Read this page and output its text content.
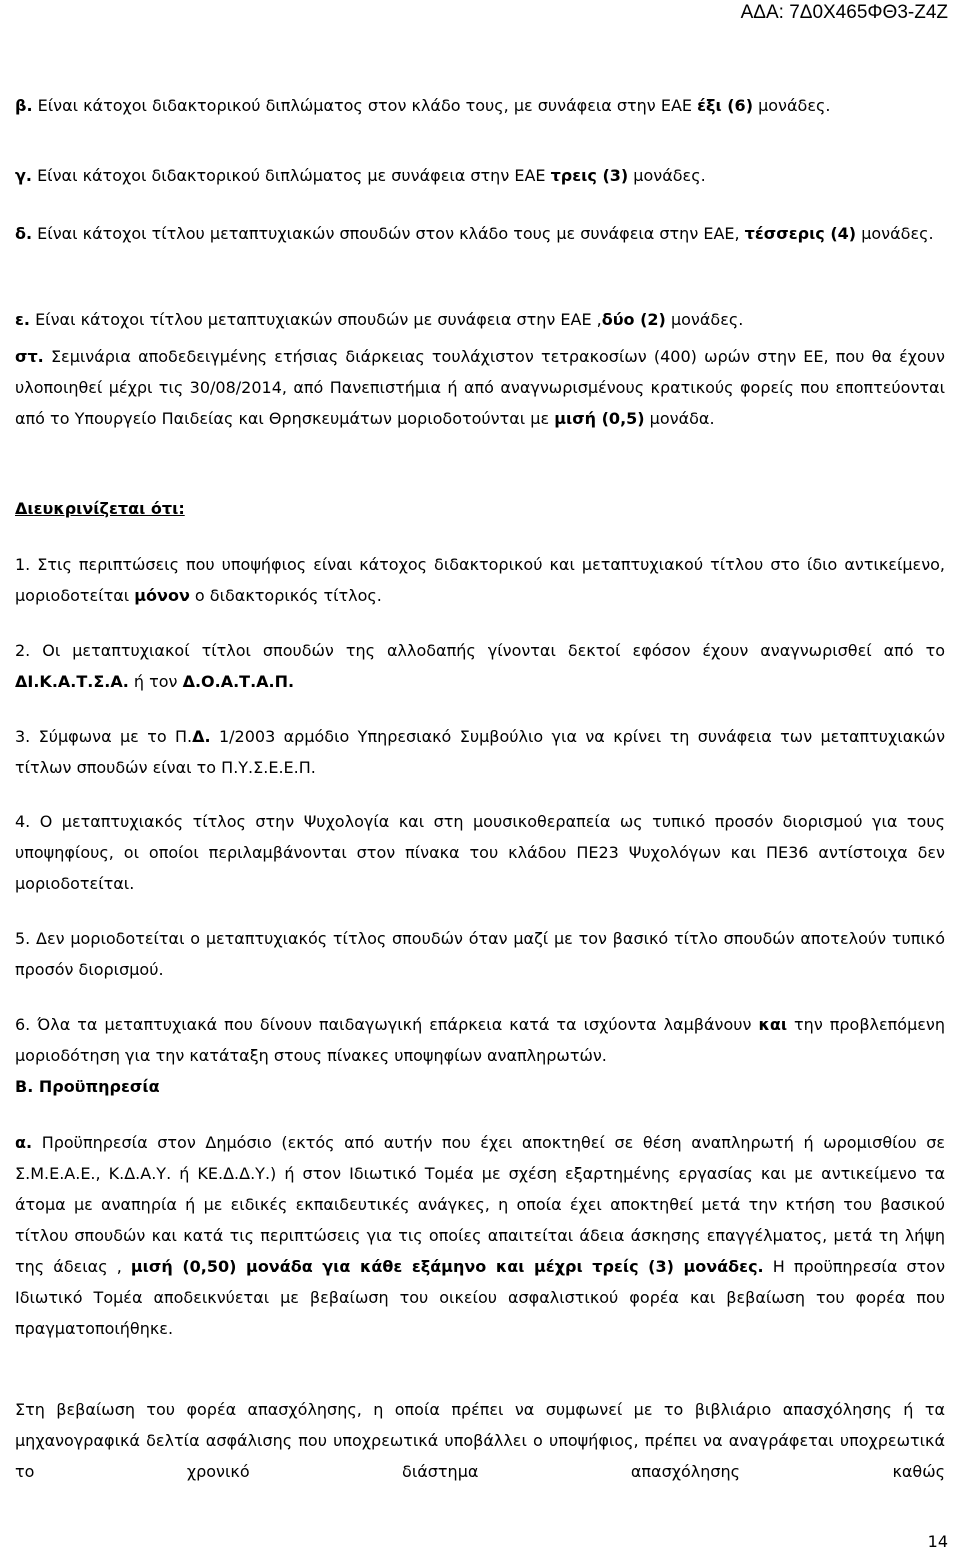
ΑΔΑ: 7Δ0Χ465ΦΘ3-Ζ4Ζ

β. Είναι κάτοχοι διδακτορικού διπλώματος στον κλάδο τους, με συνάφεια στην ΕΑΕ έξι (6) μονάδες.

γ. Είναι κάτοχοι διδακτορικού διπλώματος με συνάφεια στην ΕΑΕ τρεις (3) μονάδες.

δ. Είναι κάτοχοι τίτλου μεταπτυχιακών σπουδών στον κλάδο τους με συνάφεια στην ΕΑΕ, τέσσερις (4) μονάδες.

ε. Είναι κάτοχοι τίτλου μεταπτυχιακών σπουδών με συνάφεια στην ΕΑΕ ,δύο (2) μονάδες.

στ. Σεμινάρια αποδεδειγμένης ετήσιας διάρκειας τουλάχιστον τετρακοσίων (400) ωρών στην ΕΕ, που θα έχουν υλοποιηθεί μέχρι τις 30/08/2014, από Πανεπιστήμια ή από αναγνωρισμένους κρατικούς φορείς που εποπτεύονται από το Υπουργείο Παιδείας και Θρησκευμάτων μοριοδοτούνται με μισή (0,5) μονάδα.

Διευκρινίζεται ότι:

1. Στις περιπτώσεις που υποψήφιος είναι κάτοχος διδακτορικού και μεταπτυχιακού τίτλου στο ίδιο αντικείμενο, μοριοδοτείται μόνον ο διδακτορικός τίτλος.

2. Οι μεταπτυχιακοί τίτλοι σπουδών της αλλοδαπής γίνονται δεκτοί εφόσον έχουν αναγνωρισθεί από το ΔΙ.Κ.Α.Τ.Σ.Α. ή τον Δ.Ο.Α.Τ.Α.Π.

3. Σύμφωνα με το Π.Δ. 1/2003 αρμόδιο Υπηρεσιακό Συμβούλιο για να κρίνει τη συνάφεια των μεταπτυχιακών τίτλων σπουδών είναι το Π.Υ.Σ.Ε.Ε.Π.

4. Ο μεταπτυχιακός τίτλος στην Ψυχολογία και στη μουσικοθεραπεία ως τυπικό προσόν διορισμού για τους υποψηφίους, οι οποίοι περιλαμβάνονται στον πίνακα του κλάδου ΠΕ23 Ψυχολόγων και ΠΕ36 αντίστοιχα δεν μοριοδοτείται.

5. Δεν μοριοδοτείται ο μεταπτυχιακός τίτλος σπουδών όταν μαζί με τον βασικό τίτλο σπουδών αποτελούν τυπικό προσόν διορισμού.

6. Όλα τα μεταπτυχιακά που δίνουν παιδαγωγική επάρκεια κατά τα ισχύοντα λαμβάνουν και την προβλεπόμενη μοριοδότηση για την κατάταξη στους πίνακες υποψηφίων αναπληρωτών.

Β. Προϋπηρεσία

α. Προϋπηρεσία στον Δημόσιο (εκτός από αυτήν που έχει αποκτηθεί σε θέση αναπληρωτή ή ωρομισθίου σε Σ.Μ.Ε.Α.Ε., Κ.Δ.Α.Υ. ή ΚΕ.Δ.Δ.Υ.) ή στον Ιδιωτικό Τομέα με σχέση εξαρτημένης εργασίας και με αντικείμενο τα άτομα με αναπηρία ή με ειδικές εκπαιδευτικές ανάγκες, η οποία έχει αποκτηθεί μετά την κτήση του βασικού τίτλου σπουδών και κατά τις περιπτώσεις για τις οποίες απαιτείται άδεια άσκησης επαγγέλματος, μετά τη λήψη της άδειας , μισή (0,50) μονάδα για κάθε εξάμηνο και μέχρι τρείς (3) μονάδες. Η προϋπηρεσία στον Ιδιωτικό Τομέα αποδεικνύεται με βεβαίωση του οικείου ασφαλιστικού φορέα και βεβαίωση του φορέα που πραγματοποιήθηκε.

Στη βεβαίωση του φορέα απασχόλησης, η οποία πρέπει να συμφωνεί με το βιβλιάριο απασχόλησης ή τα μηχανογραφικά δελτία ασφάλισης που υποχρεωτικά υποβάλλει ο υποψήφιος, πρέπει να αναγράφεται υποχρεωτικά το χρονικό διάστημα απασχόλησης καθώς

14
